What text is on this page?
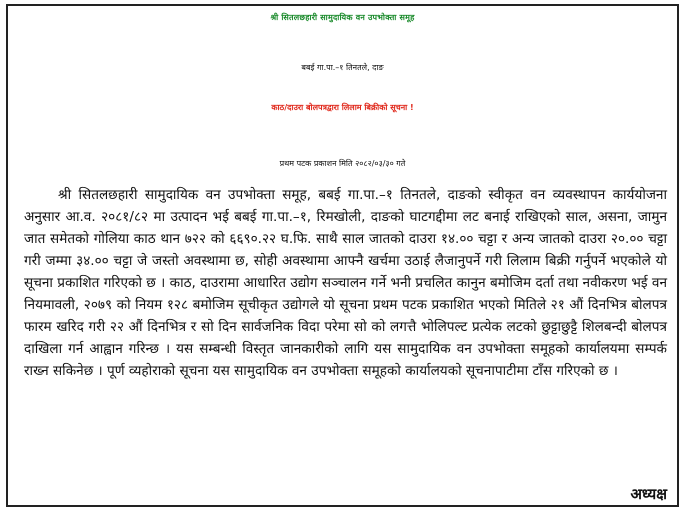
श्री सितलछहारी सामुदायिक वन उपभोक्ता समूह
बबई गा.पा.–१ तिनतले, दाङ
काठ/दाउरा बोलपत्रद्वारा लिलाम बिक्रीको सूचना !
प्रथम पटक प्रकाशन मिति २०८२/०३/३० गते
श्री सितलछहारी सामुदायिक वन उपभोक्ता समूह, बबई गा.पा.–१ तिनतले, दाङको स्वीकृत वन व्यवस्थापन कार्ययोजना अनुसार आ.व. २०८१/८२ मा उत्पादन भई बबई गा.पा.–१, रिमखोली, दाङको घाटगद्दीमा लट बनाई राखिएको साल, असना, जामुन जात समेतको गोलिया काठ थान ७२२ को ६६९०.२२ घ.फि. साथै साल जातको दाउरा १४.०० चट्टा र अन्य जातको दाउरा २०.०० चट्टा गरी जम्मा ३४.०० चट्टा जे जस्तो अवस्थामा छ, सोही अवस्थामा आफ्नै खर्चमा उठाई लैजानुपर्ने गरी लिलाम बिक्री गर्नुपर्ने भएकोले यो सूचना प्रकाशित गरिएको छ । काठ, दाउरामा आधारित उद्योग सञ्चालन गर्ने भनी प्रचलित कानुन बमोजिम दर्ता तथा नवीकरण भई वन नियमावली, २०७९ को नियम १२८ बमोजिम सूचीकृत उद्योगले यो सूचना प्रथम पटक प्रकाशित भएको मितिले २१ औं दिनभित्र बोलपत्र फारम खरिद गरी २२ औं दिनभित्र र सो दिन सार्वजनिक विदा परेमा सो को लगत्तै भोलिपल्ट प्रत्येक लटको छुट्टाछुट्टै शिलबन्दी बोलपत्र दाखिला गर्न आह्वान गरिन्छ । यस सम्बन्धी विस्तृत जानकारीको लागि यस सामुदायिक वन उपभोक्ता समूहको कार्यालयमा सम्पर्क राख्न सकिनेछ । पूर्ण व्यहोराको सूचना यस सामुदायिक वन उपभोक्ता समूहको कार्यालयको सूचनापाटीमा टाँस गरिएको छ ।
अध्यक्ष
